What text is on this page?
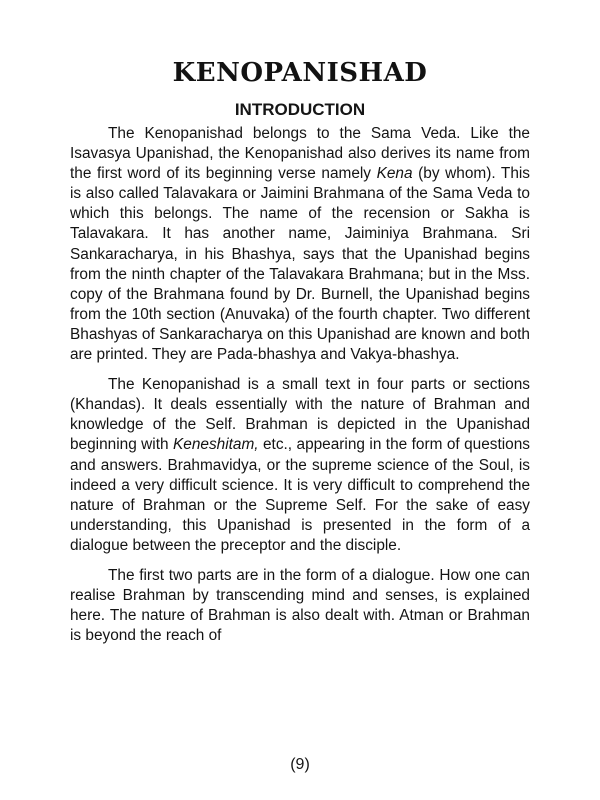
KENOPANISHAD
INTRODUCTION

The Kenopanishad belongs to the Sama Veda. Like the Isavasya Upanishad, the Kenopanishad also derives its name from the first word of its beginning verse namely Kena (by whom). This is also called Talavakara or Jaimini Brahmana of the Sama Veda to which this belongs. The name of the recension or Sakha is Talavakara. It has another name, Jaiminiya Brahmana. Sri Sankaracharya, in his Bhashya, says that the Upanishad begins from the ninth chapter of the Talavakara Brahmana; but in the Mss. copy of the Brahmana found by Dr. Burnell, the Upanishad begins from the 10th section (Anuvaka) of the fourth chapter. Two different Bhashyas of Sankaracharya on this Upanishad are known and both are printed. They are Pada-bhashya and Vakya-bhashya.

The Kenopanishad is a small text in four parts or sections (Khandas). It deals essentially with the nature of Brahman and knowledge of the Self. Brahman is depicted in the Upanishad beginning with Keneshitam, etc., appearing in the form of questions and answers. Brahmavidya, or the supreme science of the Soul, is indeed a very difficult science. It is very difficult to comprehend the nature of Brahman or the Supreme Self. For the sake of easy understanding, this Upanishad is presented in the form of a dialogue between the preceptor and the disciple.

The first two parts are in the form of a dialogue. How one can realise Brahman by transcending mind and senses, is explained here. The nature of Brahman is also dealt with. Atman or Brahman is beyond the reach of

(9)
